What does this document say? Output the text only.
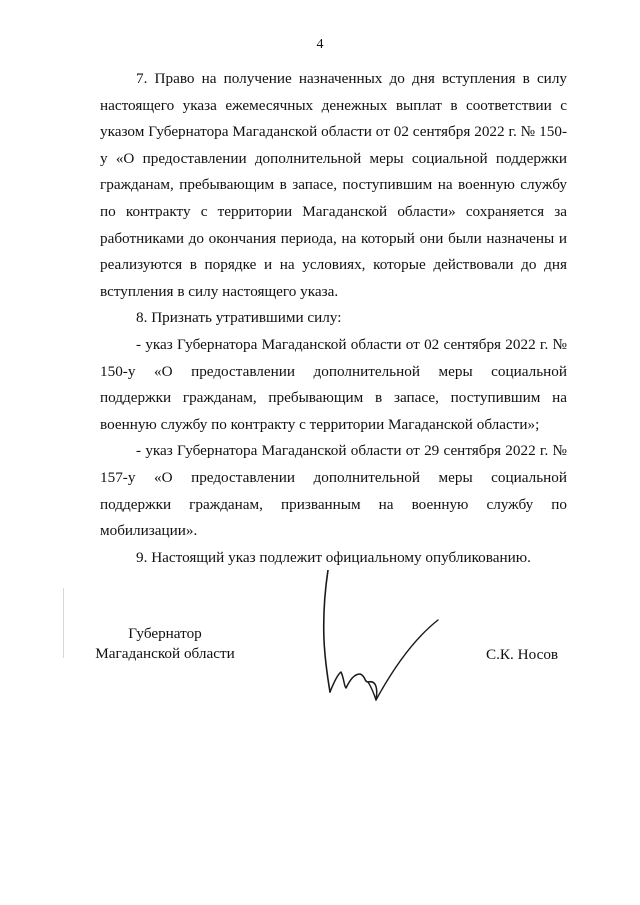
4

7. Право на получение назначенных до дня вступления в силу настоящего указа ежемесячных денежных выплат в соответствии с указом Губернатора Магаданской области от 02 сентября 2022 г. № 150-у «О предоставлении дополнительной меры социальной поддержки гражданам, пребывающим в запасе, поступившим на военную службу по контракту с территории Магаданской области» сохраняется за работниками до окончания периода, на который они были назначены и реализуются в порядке и на условиях, которые действовали до дня вступления в силу настоящего указа.

8. Признать утратившими силу:

- указ Губернатора Магаданской области от 02 сентября 2022 г. № 150-у «О предоставлении дополнительной меры социальной поддержки гражданам, пребывающим в запасе, поступившим на военную службу по контракту с территории Магаданской области»;

- указ Губернатора Магаданской области от 29 сентября 2022 г. № 157-у «О предоставлении дополнительной меры социальной поддержки гражданам, призванным на военную службу по мобилизации».

9. Настоящий указ подлежит официальному опубликованию.

Губернатор
Магаданской области	С.К. Носов
